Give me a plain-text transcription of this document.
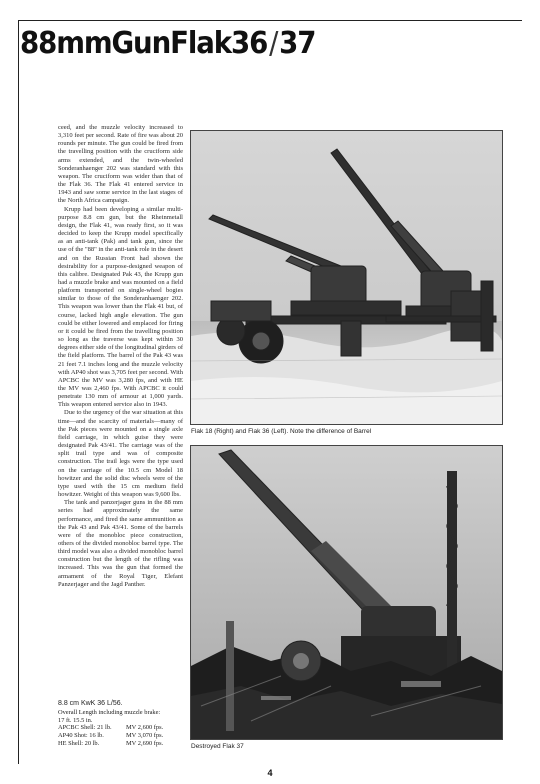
88mmGunFlak36/37

ceed, and the muzzle velocity increased to 3,310 feet per second. Rate of fire was about 20 rounds per minute. The gun could be fired from the travelling position with the cruciform side arms extended, and the twin-wheeled Sonderanhaenger 202 was standard with this weapon. The cruciform was wider than that of the Flak 36. The Flak 41 entered service in 1943 and saw some service in the last stages of the North Africa campaign.

Krupp had been developing a similar multi-purpose 8.8 cm gun, but the Rheinmetall design, the Flak 41, was ready first, so it was decided to keep the Krupp model specifically as an anti-tank (Pak) and tank gun, since the use of the "88" in the anti-tank role in the desert and on the Russian Front had shown the desirability for a purpose-designed weapon of this calibre. Designated Pak 43, the Krupp gun had a muzzle brake and was mounted on a field platform transported on single-wheel bogies similar to those of the Sonderanhaenger 202. This weapon was lower than the Flak 41 but, of course, lacked high angle elevation. The gun could be either lowered and emplaced for firing or it could be fired from the travelling position so long as the traverse was kept within 30 degrees either side of the longitudinal girders of the field platform. The barrel of the Pak 43 was 21 feet 7.1 inches long and the muzzle velocity with AP40 shot was 3,705 feet per second. With APCBC the MV was 3,280 fps, and with HE the MV was 2,460 fps. With APCBC it could penetrate 130 mm of armour at 1,000 yards. This weapon entered service also in 1943.

Due to the urgency of the war situation at this time—and the scarcity of materials—many of the Pak pieces were mounted on a single axle field carriage, in which guise they were designated Pak 43/41. The carriage was of the split trail type and was of composite construction. The trail legs were the type used on the carriage of the 10.5 cm Model 18 howitzer and the solid disc wheels were of the type used with the 15 cm medium field howitzer. Weight of this weapon was 9,600 lbs.

The tank and panzerjager guns in the 88 mm series had approximately the same performance, and fired the same ammunition as the Pak 43 and Pak 43/41. Some of the barrels were of the monobloc piece construction, others of the divided monobloc barrel type. The third model was also a divided monobloc barrel construction but the length of the rifling was increased. This was the gun that formed the armament of the Royal Tiger, Elefant Panzerjager and the Jagd Panther.

Flak 18 (Right) and Flak 36 (Left). Note the difference of Barrel

Destroyed Flak 37

8.8 cm KwK 36 L/56.

Overall Length including muzzle brake:
17 ft. 15.5 in.
APCBC Shell: 21 lb.	MV 2,600 fps.
AP40 Shot: 16 lb.	MV 3,070 fps.
HE Shell: 20 lb.	MV 2,690 fps.

4
